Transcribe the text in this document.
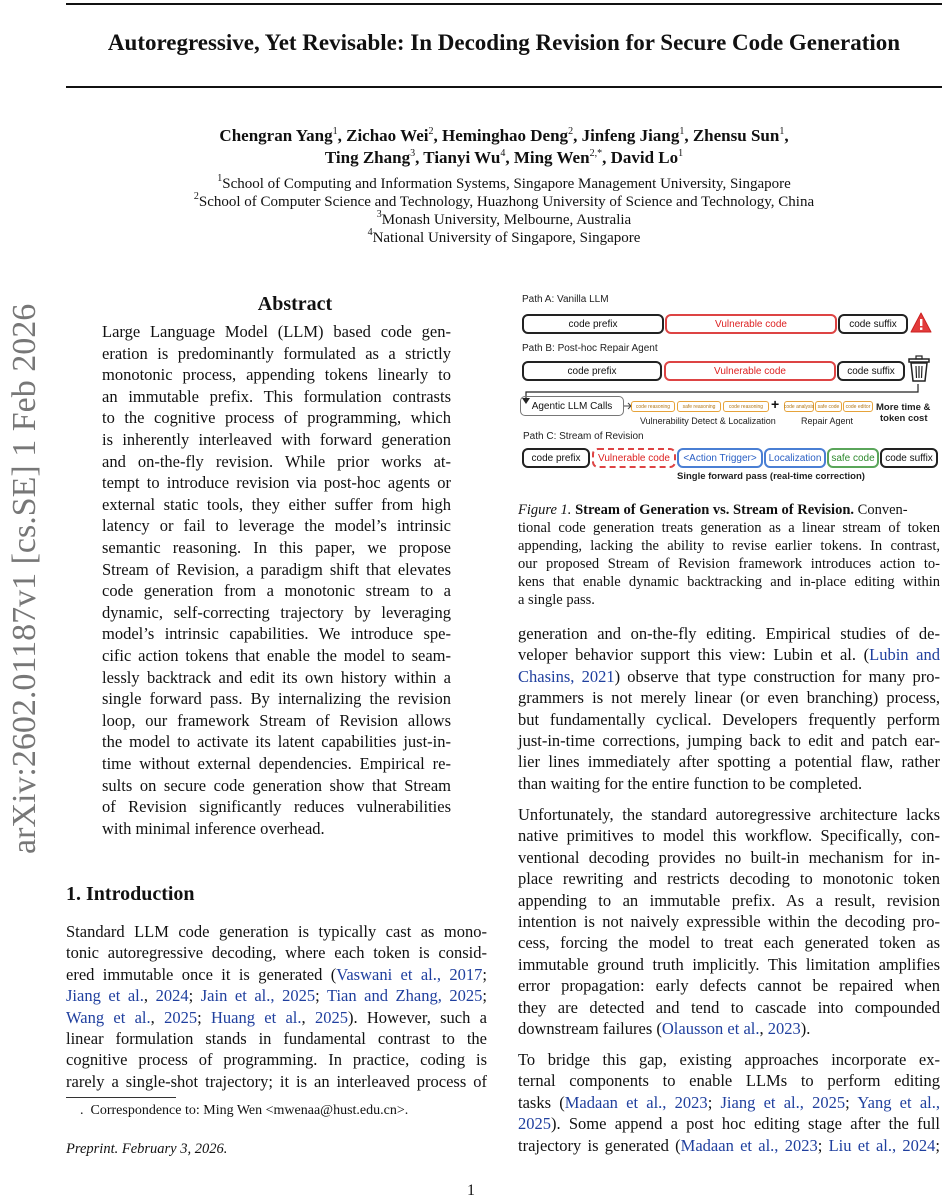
Autoregressive, Yet Revisable: In Decoding Revision for Secure Code Generation
Chengran Yang$^1$, Zichao Wei$^2$, Heminghao Deng$^2$, Jinfeng Jiang$^1$, Zhensu Sun$^1$,
Ting Zhang$^3$, Tianyi Wu$^4$, Ming Wen$^{2,*}$, David Lo$^1$
$^1$School of Computing and Information Systems, Singapore Management University, Singapore
$^2$School of Computer Science and Technology, Huazhong University of Science and Technology, China
$^3$Monash University, Melbourne, Australia
$^4$National University of Singapore, Singapore
arXiv:2602.01187v1 [cs.SE] 1 Feb 2026	Abstract
Large Language Model (LLM) based code gen-
eration is predominantly formulated as a strictly
monotonic process, appending tokens linearly to
an immutable prefix. This formulation contrasts
to the cognitive process of programming, which
is inherently interleaved with forward generation
and on-the-fly revision. While prior works at-
tempt to introduce revision via post-hoc agents or
external static tools, they either suffer from high
latency or fail to leverage the model’s intrinsic
semantic reasoning. In this paper, we propose
Stream of Revision, a paradigm shift that elevates
code generation from a monotonic stream to a
dynamic, self-correcting trajectory by leveraging
model’s intrinsic capabilities. We introduce spe-
cific action tokens that enable the model to seam-
lessly backtrack and edit its own history within a
single forward pass. By internalizing the revision
loop, our framework Stream of Revision allows
the model to activate its latent capabilities just-in-
time without external dependencies. Empirical re-
sults on secure code generation show that Stream
of Revision significantly reduces vulnerabilities
with minimal inference overhead.
1. Introduction
Standard LLM code generation is typically cast as mono-
tonic autoregressive decoding, where each token is consid-
ered immutable once it is generated (Vaswani et al., 2017;
Jiang et al., 2024; Jain et al., 2025; Tian and Zhang, 2025;
Wang et al., 2025; Huang et al., 2025). However, such a
linear formulation stands in fundamental contrast to the
cognitive process of programming. In practice, coding is
rarely a single-shot trajectory; it is an interleaved process of
.  Correspondence to: Ming Wen <mwenaa@hust.edu.cn>.
Preprint. February 3, 2026.
1
Path A: Vanilla LLM
code prefix	Vulnerable code	code suffix
Path B: Post-hoc Repair Agent
code prefix	Vulnerable code	code suffix
Agentic LLM Calls	code reasoning	safe reasoning	code reasoning + code analysis safe code	code editor
Vulnerability Detect & Localization	Repair Agent
More time &
token cost
Path C: Stream of Revision
code prefix	Vulnerable code	<Action Trigger>	Localization safe code	code suffix
Single forward pass (real-time correction)
Figure 1. Stream of Generation vs. Stream of Revision. Conven-
tional code generation treats generation as a linear stream of token
appending, lacking the ability to revise earlier tokens. In contrast,
our proposed Stream of Revision framework introduces action to-
kens that enable dynamic backtracking and in-place editing within
a single pass.
generation and on-the-fly editing. Empirical studies of de-
veloper behavior support this view: Lubin et al. (Lubin and
Chasins, 2021) observe that type construction for many pro-
grammers is not merely linear (or even branching) process,
but fundamentally cyclical. Developers frequently perform
just-in-time corrections, jumping back to edit and patch ear-
lier lines immediately after spotting a potential flaw, rather
than waiting for the entire function to be completed.
Unfortunately, the standard autoregressive architecture lacks
native primitives to model this workflow. Specifically, con-
ventional decoding provides no built-in mechanism for in-
place rewriting and restricts decoding to monotonic token
appending to an immutable prefix. As a result, revision
intention is not naively expressible within the decoding pro-
cess, forcing the model to treat each generated token as
immutable ground truth implicitly. This limitation amplifies
error propagation: early defects cannot be repaired when
they are detected and tend to cascade into compounded
downstream failures (Olausson et al., 2023).
To bridge this gap, existing approaches incorporate ex-
ternal components to enable LLMs to perform editing
tasks (Madaan et al., 2023; Jiang et al., 2025; Yang et al.,
2025). Some append a post hoc editing stage after the full
trajectory is generated (Madaan et al., 2023; Liu et al., 2024;
